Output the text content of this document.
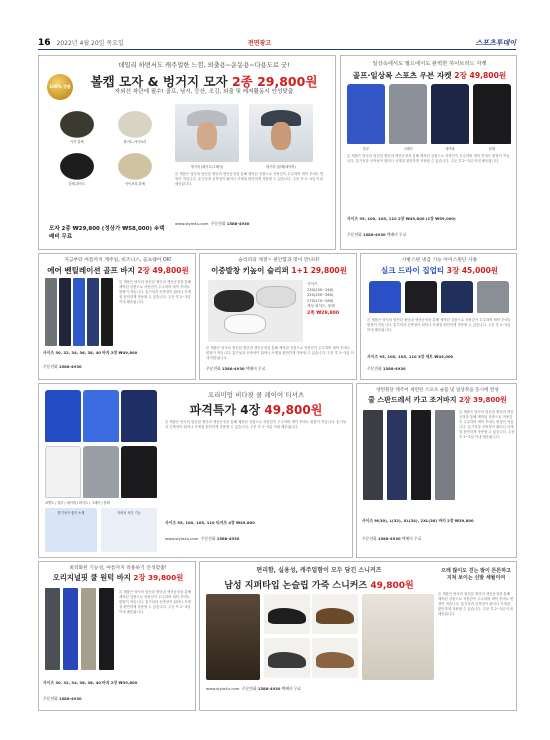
16 2022년 4월 20일 목요일	전면광고	스포츠투데이
100% 정품
데일리 하면서도 캐주얼한 느낌, 외출용~운동용~다용도로 굿!
볼캡 모자 & 벙거지 모자 2종 29,800원
자외선 차단에 필수! 골프, 낚시, 등산, 조깅, 외출 및 레저활동시 안성맞춤
카키-블랙	화이트-아이보리
블랙-화이트	아이보리-블랙
벙거지 (화이트/그레이)	벙거지 (블랙/네이비)
본 제품은 당사의 엄선된 원단과 생산공정을 통해 제작된 상품으로 착용감이 우수하며 세탁 후에도 변형이 적습니다. 통기성과 신축성이 뛰어나 사계절 편안하게 착용할 수 있습니다. 주문 후 2~3일 이내 배송됩니다.
모자 2종 ₩29,800 (정상가 ₩58,000) ※택배비 무료
www.style4u.com 주문전화 1588-4930
일상속에서도 필드에서도 완벽한 하이브리드 자켓
골프·일상복 스포츠 우븐 자켓 2장 49,800원
블루	그레이	네이비	블랙
본 제품은 당사의 엄선된 원단과 생산공정을 통해 제작된 상품으로 착용감이 우수하며 세탁 후에도 변형이 적습니다. 통기성과 신축성이 뛰어나 사계절 편안하게 착용할 수 있습니다. 주문 후 2~3일 이내 배송됩니다.
사이즈 95, 100, 105, 110 2장 ₩49,800 (1장 ₩59,000)
주문전화 1588-4930 택배비 무료
지금부터 여름까지 계주일, 비즈니스, 골프웨어 OK!
에어 벤틸레이션 골프 바지 2장 49,800원
본 제품은 당사의 엄선된 원단과 생산공정을 통해 제작된 상품으로 착용감이 우수하며 세탁 후에도 변형이 적습니다. 통기성과 신축성이 뛰어나 사계절 편안하게 착용할 수 있습니다. 주문 후 2~3일 이내 배송됩니다.
사이즈 30, 32, 34, 36, 38, 40 바지 2장 ₩49,800
주문전화 1588-4930
슬리퍼의 계절~ 편안함과 멋이 만나다!
이중발창 키높이 슬리퍼 1+1 29,800원
사이즈
230(230~240)
250(250~260)
270(270~280)
색상 화이트, 블랙
2족 ₩29,800
본 제품은 당사의 엄선된 원단과 생산공정을 통해 제작된 상품으로 착용감이 우수하며 세탁 후에도 변형이 적습니다. 통기성과 신축성이 뛰어나 사계절 편안하게 착용할 수 있습니다. 주문 후 2~3일 이내 배송됩니다.
주문전화 1588-4930 택배비 무료
사방스판 냉감 기능 아이스원단 사용
실크 드라이 집업티 3장 45,000원
본 제품은 당사의 엄선된 원단과 생산공정을 통해 제작된 상품으로 착용감이 우수하며 세탁 후에도 변형이 적습니다. 통기성과 신축성이 뛰어나 사계절 편안하게 착용할 수 있습니다. 주문 후 2~3일 이내 배송됩니다.
사이즈 95, 100, 105, 110 3장 세트 ₩45,000
주문전화 1588-4930
코발트 / 블루 / 네이비 / 화이트 / 그레이 / 블랙
통기성이 좋은 소재	자외선 차단 기능
프리미엄 비다핏 쿨 레이어 티셔츠
파격특가 4장 49,800원
본 제품은 당사의 엄선된 원단과 생산공정을 통해 제작된 상품으로 착용감이 우수하며 세탁 후에도 변형이 적습니다. 통기성과 신축성이 뛰어나 사계절 편안하게 착용할 수 있습니다. 주문 후 2~3일 이내 배송됩니다.
사이즈 95, 100, 105, 110 티셔츠 4장 ₩49,800
www.style4u.com 주문전화 1588-4930
양면원단 캐주어 세련된 스포츠 슬롭 및 일상복을 동시에 완성
쿨 스판드레서 카고 조거바지 2장 39,800원
본 제품은 당사의 엄선된 원단과 생산공정을 통해 제작된 상품으로 착용감이 우수하며 세탁 후에도 변형이 적습니다. 통기성과 신축성이 뛰어나 사계절 편안하게 착용할 수 있습니다. 주문 후 2~3일 이내 배송됩니다.
사이즈 M(30), L(32), XL(34), 2XL(36) 바지 2장 ₩39,800
주문전화 1588-4930 택배비 무료
최적화된 기능성, 여름까지 착용하기 안성맞춤!
오리지널핏 쿨 원턱 바지 2장 39,800원
본 제품은 당사의 엄선된 원단과 생산공정을 통해 제작된 상품으로 착용감이 우수하며 세탁 후에도 변형이 적습니다. 통기성과 신축성이 뛰어나 사계절 편안하게 착용할 수 있습니다. 주문 후 2~3일 이내 배송됩니다.
사이즈 30, 32, 34, 36, 38, 40 바지 2장 ₩39,800
주문전화 1588-4930
편리함, 실용성, 캐주얼함이 모두 담긴 스니커즈
남성 지퍼타입 논슬립 가죽 스니커즈 49,800원
으레 많이도 걷는 발이 튼튼하고 지쳐 보이는 신발 세월이여
본 제품은 당사의 엄선된 원단과 생산공정을 통해 제작된 상품으로 착용감이 우수하며 세탁 후에도 변형이 적습니다. 통기성과 신축성이 뛰어나 사계절 편안하게 착용할 수 있습니다. 주문 후 2~3일 이내 배송됩니다.
www.style4u.com 주문전화 1588-4930 택배비 무료
